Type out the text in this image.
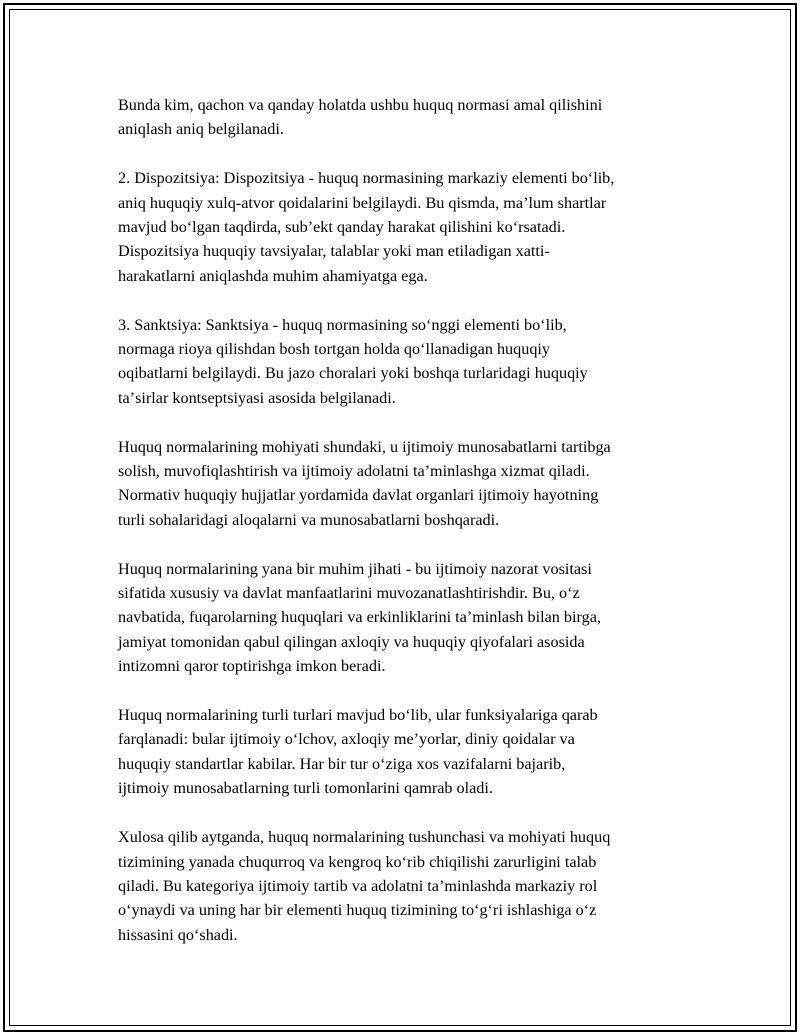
Bunda kim, qachon va qanday holatda ushbu huquq normasi amal qilishini
aniqlash aniq belgilanadi.

2. Dispozitsiya: Dispozitsiya - huquq normasining markaziy elementi boʻlib,
aniq huquqiy xulq-atvor qoidalarini belgilaydi. Bu qismda, maʼlum shartlar
mavjud boʻlgan taqdirda, subʼekt qanday harakat qilishini koʻrsatadi.
Dispozitsiya huquqiy tavsiyalar, talablar yoki man etiladigan xatti-
harakatlarni aniqlashda muhim ahamiyatga ega.

3. Sanktsiya: Sanktsiya - huquq normasining soʻnggi elementi boʻlib,
normaga rioya qilishdan bosh tortgan holda qoʻllanadigan huquqiy
oqibatlarni belgilaydi. Bu jazo choralari yoki boshqa turlaridagi huquqiy
taʼsirlar kontseptsiyasi asosida belgilanadi.

Huquq normalarining mohiyati shundaki, u ijtimoiy munosabatlarni tartibga
solish, muvofiqlashtirish va ijtimoiy adolatni taʼminlashga xizmat qiladi.
Normativ huquqiy hujjatlar yordamida davlat organlari ijtimoiy hayotning
turli sohalaridagi aloqalarni va munosabatlarni boshqaradi.

Huquq normalarining yana bir muhim jihati - bu ijtimoiy nazorat vositasi
sifatida xususiy va davlat manfaatlarini muvozanatlashtirishdir. Bu, oʻz
navbatida, fuqarolarning huquqlari va erkinliklarini taʼminlash bilan birga,
jamiyat tomonidan qabul qilingan axloqiy va huquqiy qiyofalari asosida
intizomni qaror toptirishga imkon beradi.

Huquq normalarining turli turlari mavjud boʻlib, ular funksiyalariga qarab
farqlanadi: bular ijtimoiy oʻlchov, axloqiy meʼyorlar, diniy qoidalar va
huquqiy standartlar kabilar. Har bir tur oʻziga xos vazifalarni bajarib,
ijtimoiy munosabatlarning turli tomonlarini qamrab oladi.

Xulosa qilib aytganda, huquq normalarining tushunchasi va mohiyati huquq
tizimining yanada chuqurroq va kengroq koʻrib chiqilishi zarurligini talab
qiladi. Bu kategoriya ijtimoiy tartib va adolatni taʼminlashda markaziy rol
oʻynaydi va uning har bir elementi huquq tizimining toʻgʻri ishlashiga oʻz
hissasini qoʻshadi.
